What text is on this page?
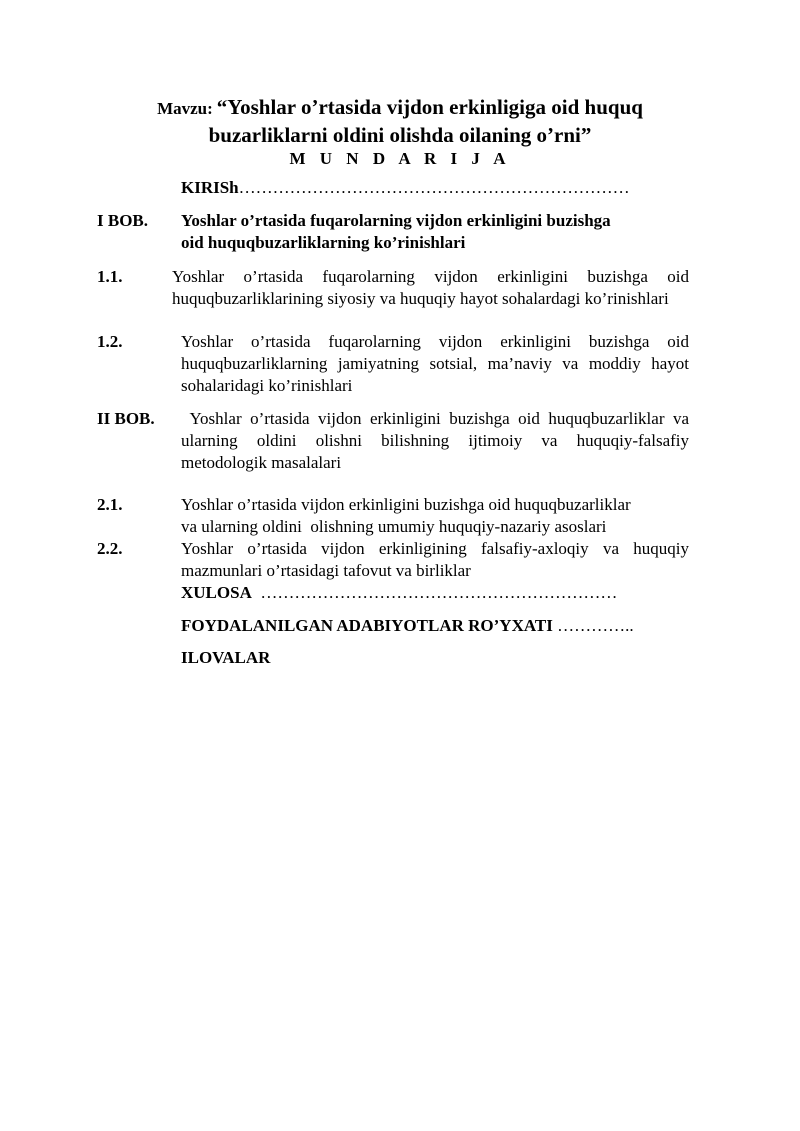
Mavzu: “Yoshlar o’rtasida vijdon erkinligiga oid huquq
buzarliklarni oldini olishda oilaning o’rni”
M U N D A R I J A
KIRISh……………………………………………………………
I BOB. Yoshlar o’rtasida fuqarolarning vijdon erkinligini buzishga
oid huquqbuzarliklarning ko’rinishlari
1.1.	Yoshlar o’rtasida fuqarolarning vijdon erkinligini buzishga oid huquqbuzarliklarining siyosiy va huquqiy hayot sohalardagi ko’rinishlari
1.2.	Yoshlar o’rtasida fuqarolarning vijdon erkinligini buzishga oid huquqbuzarliklarning jamiyatning sotsial, ma’naviy va moddiy hayot sohalaridagi ko’rinishlari
II BOB. Yoshlar o’rtasida vijdon erkinligini buzishga oid huquqbuzarliklar va ularning oldini olishni bilishning ijtimoiy va huquqiy-falsafiy metodologik masalalari
2.1.	Yoshlar o’rtasida vijdon erkinligini buzishga oid huquqbuzarliklar
va ularning oldini  olishning umumiy huquqiy-nazariy asoslari
2.2.	Yoshlar o’rtasida vijdon erkinligining falsafiy-axloqiy va huquqiy mazmunlari o’rtasidagi tafovut va birliklar
XULOSA  ………………………………………………………
FOYDALANILGAN ADABIYOTLAR RO’YXATI …………..
ILOVALAR
